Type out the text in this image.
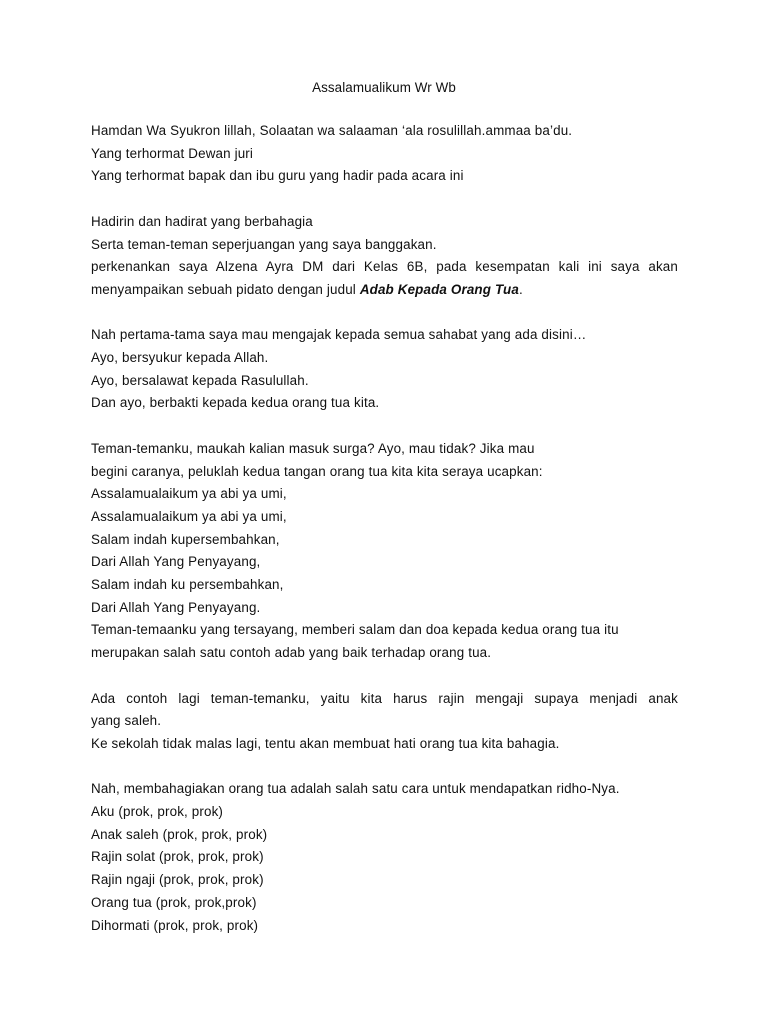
Assalamualikum Wr Wb
Hamdan Wa Syukron lillah, Solaatan wa salaaman ‘ala rosulillah.ammaa ba’du.
Yang terhormat Dewan juri
Yang terhormat bapak dan ibu guru yang hadir pada acara ini
Hadirin dan hadirat yang berbahagia
Serta teman-teman seperjuangan yang saya banggakan.
perkenankan saya Alzena Ayra DM dari Kelas 6B, pada kesempatan kali ini saya akan
menyampaikan sebuah pidato dengan judul Adab Kepada Orang Tua.
Nah pertama-tama saya mau mengajak kepada semua sahabat yang ada disini…
Ayo, bersyukur kepada Allah.
Ayo, bersalawat kepada Rasulullah.
Dan ayo, berbakti kepada kedua orang tua kita.
Teman-temanku, maukah kalian masuk surga? Ayo, mau tidak? Jika mau
begini caranya, peluklah kedua tangan orang tua kita kita seraya ucapkan:
Assalamualaikum ya abi ya umi,
Assalamualaikum ya abi ya umi,
Salam indah kupersembahkan,
Dari Allah Yang Penyayang,
Salam indah ku persembahkan,
Dari Allah Yang Penyayang.
Teman-temaanku yang tersayang, memberi salam dan doa kepada kedua orang tua itu
merupakan salah satu contoh adab yang baik terhadap orang tua.
Ada contoh lagi teman-temanku, yaitu kita harus rajin mengaji supaya menjadi anak
yang saleh.
Ke sekolah tidak malas lagi, tentu akan membuat hati orang tua kita bahagia.
Nah, membahagiakan orang tua adalah salah satu cara untuk mendapatkan ridho-Nya.
Aku (prok, prok, prok)
Anak saleh (prok, prok, prok)
Rajin solat (prok, prok, prok)
Rajin ngaji (prok, prok, prok)
Orang tua (prok, prok,prok)
Dihormati (prok, prok, prok)
